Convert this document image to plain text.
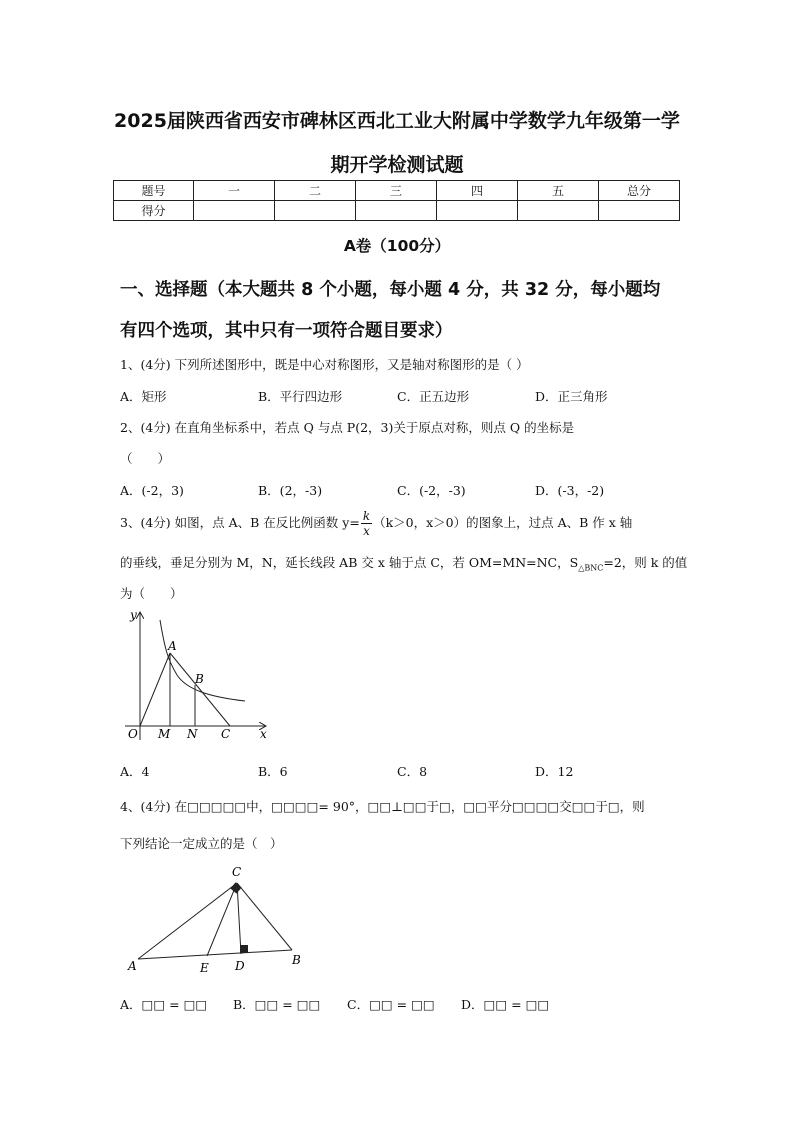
2025届陕西省西安市碑林区西北工业大附属中学数学九年级第一学
期开学检测试题
题号	一	二	三	四	五	总分
得分						
A卷（100分）
一、选择题（本大题共 8 个小题，每小题 4 分，共 32 分，每小题均
有四个选项，其中只有一项符合题目要求）
1、(4分) 下列所述图形中，既是中心对称图形，又是轴对称图形的是（ ）
A．矩形	B．平行四边形	C．正五边形	D．正三角形
2、(4分) 在直角坐标系中，若点 Q 与点 P(2，3)关于原点对称，则点 Q 的坐标是
（　　）
A．(-2，3)	B．(2，-3)	C．(-2，-3)	D．(-3，-2)
3、(4分) 如图，点 A、B 在反比例函数 $y= \frac{k}{x} (k>0$，x＞0）的图象上，过点 A、B 作 x 轴
的垂线，垂足分别为 M，N，延长线段 AB 交 x 轴于点 C，若 OM=MN=NC，$S_{\triangle BNC}=2$，则 k 的值
为（　　）
y
x
O M N C
A
B
A．4	B．6	C．8	D．12
4、(4分) 在□□□□□中，□□□□= 90°，□□⊥□□于□，□□平分□□□□交□□于□，则
下列结论一定成立的是（　）
C
A	E D	B
A．□□ = □□ B．□□ = □□ C．□□ = □□ D．□□ = □□
